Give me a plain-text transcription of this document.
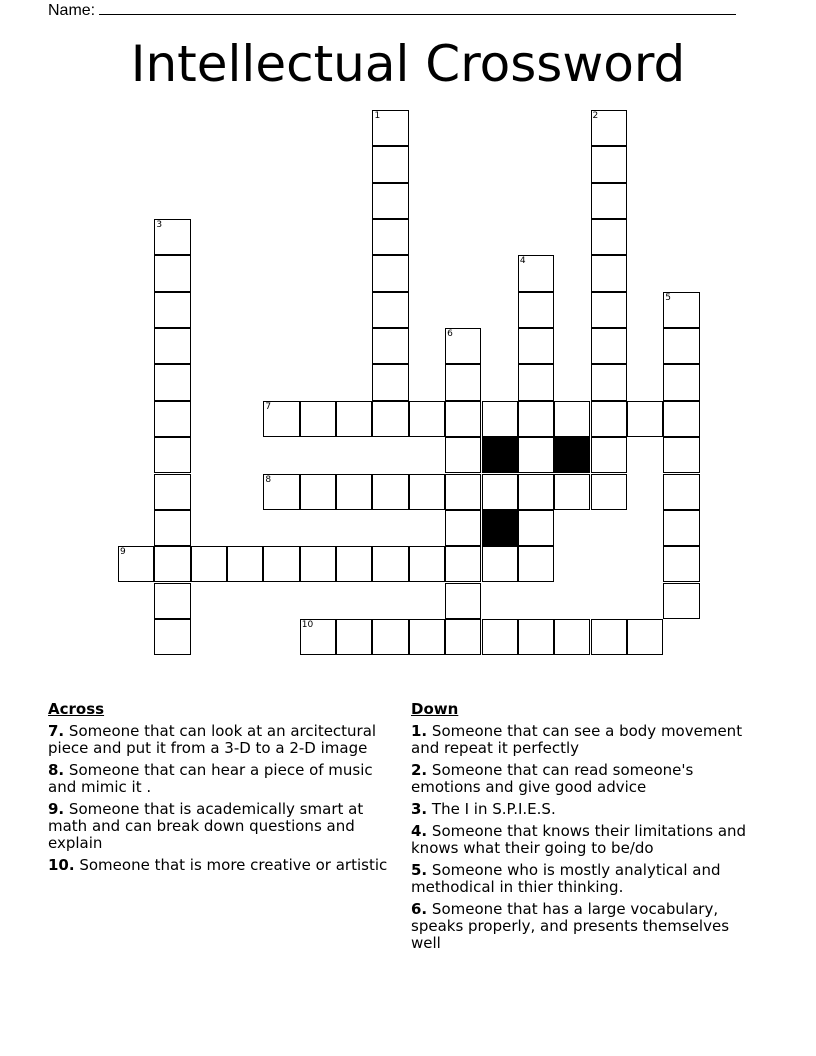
Name:
Intellectual Crossword
1	2
3
4
5
6
7
8
9
10
Across
7. Someone that can look at an arcitectural piece and put it from a 3-D to a 2-D image
8. Someone that can hear a piece of music and mimic it .
9. Someone that is academically smart at math and can break down questions and explain
10. Someone that is more creative or artistic
Down
1. Someone that can see a body movement and repeat it perfectly
2. Someone that can read someone's emotions and give good advice
3. The I in S.P.I.E.S.
4. Someone that knows their limitations and knows what their going to be/do
5. Someone who is mostly analytical and methodical in thier thinking.
6. Someone that has a large vocabulary, speaks properly, and presents themselves well
